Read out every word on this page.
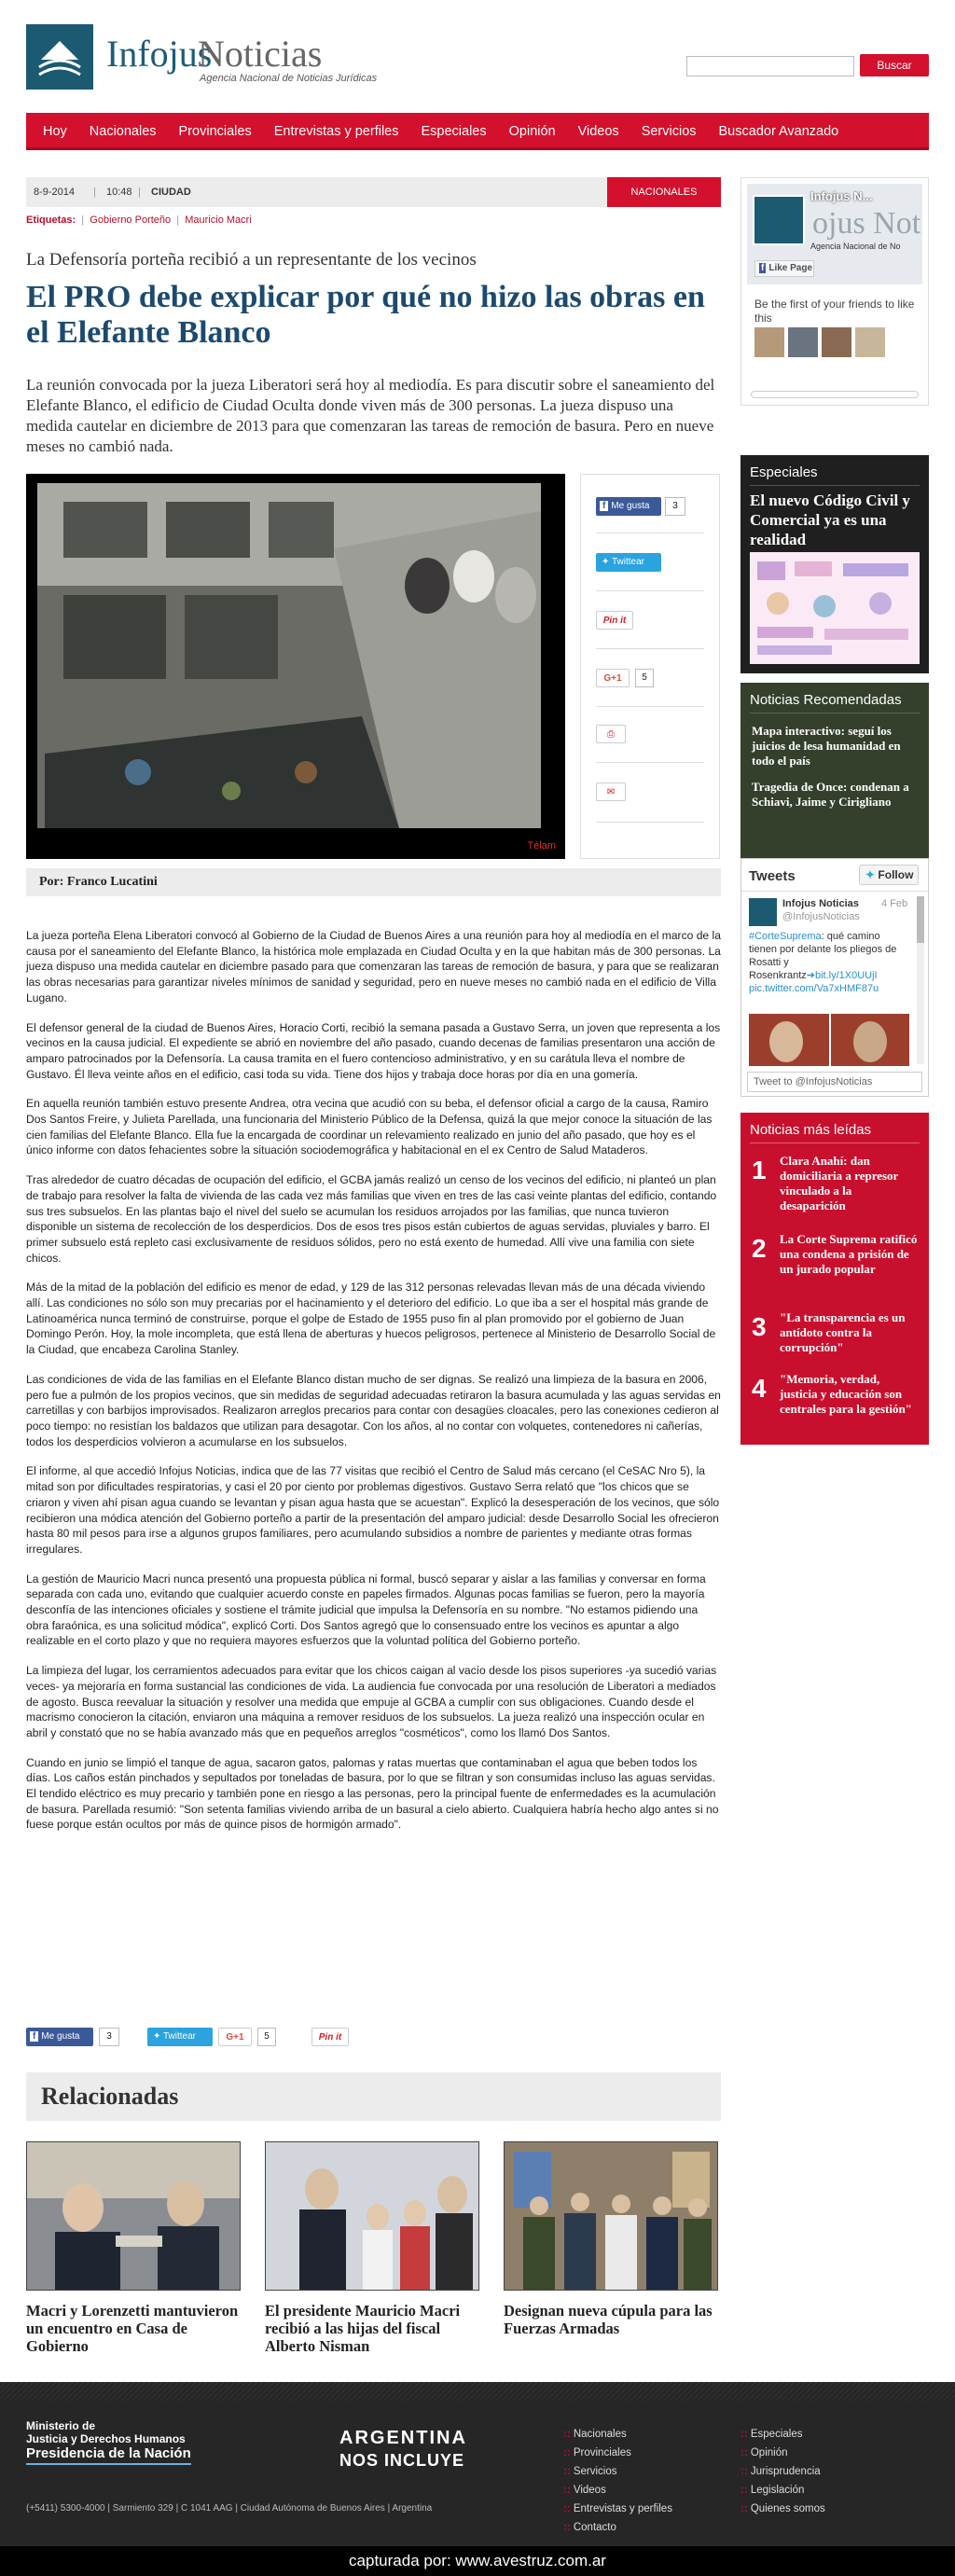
Infojus
Noticias
Agencia Nacional de Noticias Jurídicas
Buscar
Hoy	Nacionales	Provinciales	Entrevistas y perfiles	Especiales	Opinión	Videos	Servicios	Buscador Avanzado
8-9-2014 | 10:48 | CIUDAD	NACIONALES
Etiquetas:  |  Gobierno Porteño  |  Mauricio Macri
La Defensoría porteña recibió a un representante de los vecinos
El PRO debe explicar por qué no hizo las obras en el Elefante Blanco
La reunión convocada por la jueza Liberatori será hoy al mediodía. Es para discutir sobre el saneamiento del Elefante Blanco, el edificio de Ciudad Oculta donde viven más de 300 personas. La jueza dispuso una medida cautelar en diciembre de 2013 para que comenzaran las tareas de remoción de basura. Pero en nueve meses no cambió nada.
Télam
f Me gusta	3
✦ Twittear
Pin it
G+1	5
⎙
✉
Por: Franco Lucatini

La jueza porteña Elena Liberatori convocó al Gobierno de la Ciudad de Buenos Aires a una reunión para hoy al mediodía en el marco de la causa por el saneamiento del Elefante Blanco, la histórica mole emplazada en Ciudad Oculta y en la que habitan más de 300 personas. La jueza dispuso una medida cautelar en diciembre pasado para que comenzaran las tareas de remoción de basura, y para que se realizaran las obras necesarias para garantizar niveles mínimos de sanidad y seguridad, pero en nueve meses no cambió nada en el edificio de Villa Lugano.

El defensor general de la ciudad de Buenos Aires, Horacio Corti, recibió la semana pasada a Gustavo Serra, un joven que representa a los vecinos en la causa judicial. El expediente se abrió en noviembre del año pasado, cuando decenas de familias presentaron una acción de amparo patrocinados por la Defensoría. La causa tramita en el fuero contencioso administrativo, y en su carátula lleva el nombre de Gustavo. Él lleva veinte años en el edificio, casi toda su vida. Tiene dos hijos y trabaja doce horas por día en una gomería.

En aquella reunión también estuvo presente Andrea, otra vecina que acudió con su beba, el defensor oficial a cargo de la causa, Ramiro Dos Santos Freire, y Julieta Parellada, una funcionaria del Ministerio Público de la Defensa, quizá la que mejor conoce la situación de las cien familias del Elefante Blanco. Ella fue la encargada de coordinar un relevamiento realizado en junio del año pasado, que hoy es el único informe con datos fehacientes sobre la situación sociodemográfica y habitacional en el ex Centro de Salud Mataderos.

Tras alrededor de cuatro décadas de ocupación del edificio, el GCBA jamás realizó un censo de los vecinos del edificio, ni planteó un plan de trabajo para resolver la falta de vivienda de las cada vez más familias que viven en tres de las casi veinte plantas del edificio, contando sus tres subsuelos. En las plantas bajo el nivel del suelo se acumulan los residuos arrojados por las familias, que nunca tuvieron disponible un sistema de recolección de los desperdicios. Dos de esos tres pisos están cubiertos de aguas servidas, pluviales y barro. El primer subsuelo está repleto casi exclusivamente de residuos sólidos, pero no está exento de humedad. Allí vive una familia con siete chicos.

Más de la mitad de la población del edificio es menor de edad, y 129 de las 312 personas relevadas llevan más de una década viviendo allí. Las condiciones no sólo son muy precarias por el hacinamiento y el deterioro del edificio. Lo que iba a ser el hospital más grande de Latinoamérica nunca terminó de construirse, porque el golpe de Estado de 1955 puso fin al plan promovido por el gobierno de Juan Domingo Perón. Hoy, la mole incompleta, que está llena de aberturas y huecos peligrosos, pertenece al Ministerio de Desarrollo Social de la Ciudad, que encabeza Carolina Stanley.

Las condiciones de vida de las familias en el Elefante Blanco distan mucho de ser dignas. Se realizó una limpieza de la basura en 2006, pero fue a pulmón de los propios vecinos, que sin medidas de seguridad adecuadas retiraron la basura acumulada y las aguas servidas en carretillas y con barbijos improvisados. Realizaron arreglos precarios para contar con desagües cloacales, pero las conexiones cedieron al poco tiempo: no resistían los baldazos que utilizan para desagotar. Con los años, al no contar con volquetes, contenedores ni cañerías, todos los desperdicios volvieron a acumularse en los subsuelos.

El informe, al que accedió Infojus Noticias, indica que de las 77 visitas que recibió el Centro de Salud más cercano (el CeSAC Nro 5), la mitad son por dificultades respiratorias, y casi el 20 por ciento por problemas digestivos. Gustavo Serra relató que "los chicos que se criaron y viven ahí pisan agua cuando se levantan y pisan agua hasta que se acuestan". Explicó la desesperación de los vecinos, que sólo recibieron una módica atención del Gobierno porteño a partir de la presentación del amparo judicial: desde Desarrollo Social les ofrecieron hasta 80 mil pesos para irse a algunos grupos familiares, pero acumulando subsidios a nombre de parientes y mediante otras formas irregulares.

La gestión de Mauricio Macri nunca presentó una propuesta pública ni formal, buscó separar y aislar a las familias y conversar en forma separada con cada uno, evitando que cualquier acuerdo conste en papeles firmados. Algunas pocas familias se fueron, pero la mayoría desconfía de las intenciones oficiales y sostiene el trámite judicial que impulsa la Defensoría en su nombre. "No estamos pidiendo una obra faraónica, es una solicitud módica", explicó Corti. Dos Santos agregó que lo consensuado entre los vecinos es apuntar a algo realizable en el corto plazo y que no requiera mayores esfuerzos que la voluntad política del Gobierno porteño.

La limpieza del lugar, los cerramientos adecuados para evitar que los chicos caigan al vacío desde los pisos superiores -ya sucedió varias veces- ya mejoraría en forma sustancial las condiciones de vida. La audiencia fue convocada por una resolución de Liberatori a mediados de agosto. Busca reevaluar la situación y resolver una medida que empuje al GCBA a cumplir con sus obligaciones. Cuando desde el macrismo conocieron la citación, enviaron una máquina a remover residuos de los subsuelos. La jueza realizó una inspección ocular en abril y constató que no se había avanzado más que en pequeños arreglos "cosméticos", como los llamó Dos Santos.

Cuando en junio se limpió el tanque de agua, sacaron gatos, palomas y ratas muertas que contaminaban el agua que beben todos los días. Los caños están pinchados y sepultados por toneladas de basura, por lo que se filtran y son consumidas incluso las aguas servidas. El tendido eléctrico es muy precario y también pone en riesgo a las personas, pero la principal fuente de enfermedades es la acumulación de basura. Parellada resumió: "Son setenta familias viviendo arriba de un basural a cielo abierto. Cualquiera habría hecho algo antes si no fuese porque están ocultos por más de quince pisos de hormigón armado".

f Me gusta	3	✦ Twittear	G+1	5	Pin it
Relacionadas
Macri y Lorenzetti mantuvieron un encuentro en Casa de Gobierno
El presidente Mauricio Macri recibió a las hijas del fiscal Alberto Nisman
Designan nueva cúpula para las Fuerzas Armadas
ojus Not
Infojus N...
Agencia Nacional de No
f Like Page
Be the first of your friends to like this
Especiales
El nuevo Código Civil y Comercial ya es una realidad
Noticias Recomendadas
Mapa interactivo: seguí los juicios de lesa humanidad en todo el país
Tragedia de Once: condenan a Schiavi, Jaime y Cirigliano
Tweets	✦ Follow
Infojus Noticias 4 Feb
@InfojusNoticias
#CorteSuprema: qué camino tienen por delante los pliegos de Rosatti y Rosenkrantz➔bit.ly/1X0UUjI
pic.twitter.com/Va7xHMF87u
Tweet to @InfojusNoticias
Noticias más leídas
1 Clara Anahí: dan domiciliaria a represor vinculado a la desaparición
2 La Corte Suprema ratificó una condena a prisión de un jurado popular
3 "La transparencia es un antídoto contra la corrupción"
4 "Memoria, verdad, justicia y educación son centrales para la gestión"
Ministerio de
Justicia y Derechos Humanos
Presidencia de la Nación
ARGENTINA
NOS INCLUYE
(+5411) 5300-4000 | Sarmiento 329 | C 1041 AAG | Ciudad Autónoma de Buenos Aires | Argentina
:: Nacionales
:: Provinciales
:: Servicios
:: Videos
:: Entrevistas y perfiles
:: Contacto
:: Especiales
:: Opinión
:: Jurisprudencia
:: Legislación
:: Quienes somos
capturada por: www.avestruz.com.ar
